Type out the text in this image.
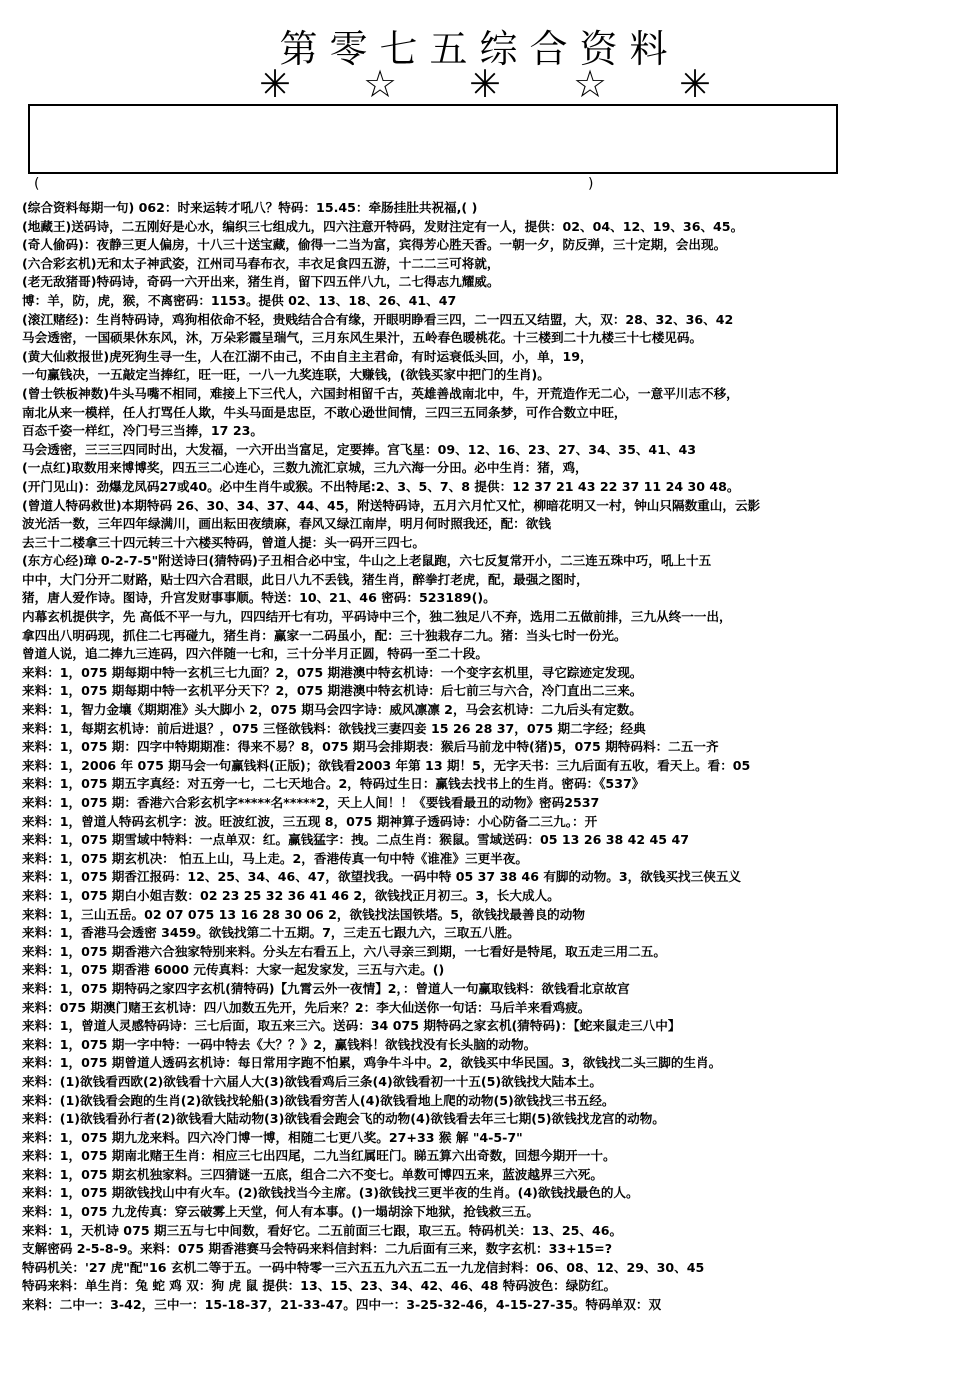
第零七五综合资料
✳ ☆ ✳ ☆ ✳
(	)
(综合资料每期一句) 062：时来运转才吼八？特码：15.45：牵肠挂肚共祝福,( )
(地藏王)送码诗，二五刚好是心水，编织三七组成九，四六注意开特码，发财注定有一人，提供：02、04、12、19、36、45。
(奇人偷码)：夜静三更人偏房，十八三十送宝藏，偷得一二当为富，宾得芳心胜天香。一朝一夕，防反弹，三十定期，会出现。
(六合彩玄机)无和太子神武姿，江州司马春布衣，丰衣足食四五游，十二二三可将就，
(老无敌猪哥)特码诗，奇码一六开出来，猪生肖，留下四五伴八九，二七得志九耀威。
博：羊，防，虎，猴，不离密码：1153。提供 02、13、18、26、41、47
(滚江赌经)：生肖特码诗，鸡狗相依命不轻，贵贱结合合有缘，开眼明睁看三四，二一四五又结盟，大，双：28、32、36、42
马会透密，一国硕果休东风，沐，万朵彩霞呈瑞气，三月东风生果汁，五岭春色暖桃花。十三楼到二十九楼三十七楼见码。
(黄大仙救报世)虎死狗生寻一生，人在江湖不由己，不由自主主君命，有时运衰低头回，小，单，19，
一句赢钱决，一五敲定当捧红，旺一旺，一八一九奖连联，大赚钱，(欲钱买家中把门的生肖)。
(曾士铁板神数)牛头马嘴不相同，难接上下三代人，六国封相留千古，英雄善战南北中，牛，开荒造作无二心，一意平川志不移，
南北从来一模样，任人打骂任人欺，牛头马面是忠臣，不敢心逊世间情，三四三五同条梦，可作合数立中旺，
百态千姿一样红，冷门号三当捧，17 23。
马会透密，三三三四同时出，大发福，一六开出当富足，定要捧。宫飞星：09、12、16、23、27、34、35、41、43
(一点红)取数用来博博奖，四五三二心连心，三数九流汇京城，三九六海一分田。必中生肖：猪，鸡，
(开门见山)：劲爆龙凤码27或40。必中生肖牛或猴。不出特尾:2、3、5、7、8 提供：12 37 21 43 22 37 11 24 30 48。
(曾道人特码救世)本期特码 26、30、34、37、44、45，附送特码诗，五月六月忙又忙，柳暗花明又一村，钟山只隔数重山，云影
波光活一数，三年四年绿满川，画出耘田夜绩麻，春风又绿江南岸，明月何时照我还，配：欲钱
去三十二楼拿三十四元转三十六楼买特码，曾道人提：头一码开三四七。
(东方心经)璋 0-2-7-5"附送诗曰(猜特码)子丑相合必中宝，牛山之上老鼠跑，六七反复常开小，二三连五珠中巧，吼上十五
中中，大门分开二财路，贴士四六合君眼，此日八九不丢钱，猪生肖，醉拳打老虎，配，最强之图时，
猪，唐人爱作诗。图诗，升宫发财事事顺。特送：10、21、46 密码：523189()。
内幕玄机提供字，先 高低不平一与九，四四结开七有功，平码诗中三个，独二独足八不弃，选用二五做前排，三九从终一一出，
拿四出八明码现，抓住二七再碰九，猪生肖：赢家一二码虽小，配：三十独栽存二九。猪：当头七时一份光。
曾道人说，追二捧九三连码，四六伴随一七和，三十分半月正圆，特码一至二十段。
来料：1，075 期每期中特一玄机三七九面？2，075 期港澳中特玄机诗：一个变字玄机里，寻它踪迹定发现。
来料：1，075 期每期中特一玄机平分天下？2，075 期港澳中特玄机诗：后七前三与六合，冷门直出二三来。
来料：1，智力金壤《期期准》头大脚小 2，075 期马会四字诗：威风凛凛 2，马会玄机诗：二九后头有定数。
来料：1，每期玄机诗：前后进退？，075 三怪欲钱料：欲钱找三妻四妾 15 26 28 37，075 期二字经；经典
来料：1，075 期：四字中特期期准：得来不易？8，075 期马会排期表：猴后马前龙中特(猪)5，075 期特码料：二五一齐
来料：1，2006 年 075 期马会一句赢钱料(正版)；欲钱看2003 年第 13 期！5，无字天书：三九后面有五收，看天上。看：05
来料：1，075 期五字真经：对五旁一七，二七天地合。2，特码过生日：赢钱去找书上的生肖。密码：《537》
来料：1，075 期：香港六合彩玄机字*****名*****2，天上人间！！《要钱看最丑的动物》密码2537
来料：1，曾道人特码玄机字：波。旺波红波，三五现 8，075 期神算子透码诗：小心防备二三九。：开
来料：1，075 期雪域中特料：一点单双：红。赢钱猛字：拽。二点生肖：猴鼠。雪域送码：05 13 26 38 42 45 47
来料：1，075 期玄机决： 怕五上山，马上走。2，香港传真一句中特《谁准》三更半夜。
来料：1，075 期香江报码：12、25、34、46、47，欲望找我。一码中特 05 37 38 46 有脚的动物。3，欲钱买找三侠五义
来料：1，075 期白小姐吉数：02 23 25 32 36 41 46 2，欲钱找正月初三。3，长大成人。
来料：1，三山五岳。02 07 075 13 16 28 30 06 2，欲钱找法国铁塔。5，欲钱找最善良的动物
来料：1，香港马会透密 3459。欲钱找第二十五期。7，三走五七跟九六，三取五八胜。
来料：1，075 期香港六合独家特别来料。分头左右看五上，六八寻亲三到期，一七看好是特尾，取五走三用二五。
来料：1，075 期香港 6000 元传真料：大家一起发家发，三五与六走。()
来料：1，075 期特码之家四字玄机(猜特码)【九霄云外一夜情】2，：曾道人一句赢取钱料：欲钱看北京故宫
来料：075 期澳门赌王玄机诗：四八加数五先开，先后来？2：李大仙送你一句话：马后羊来看鸡疲。
来料：1，曾道人灵感特码诗：三七后面，取五来三六。送码：34 075 期特码之家玄机(猜特码)：【蛇来鼠走三八中】
来料：1，075 期一字中特：一码中特去《大？？》2，赢钱料！欲钱找没有长头脑的动物。
来料：1，075 期曾道人透码玄机诗：每日常用字跑不怕累，鸡争牛斗中。2，欲钱买中华民国。3，欲钱找二头三脚的生肖。
来料：(1)欲钱看西欧(2)欲钱看十六届人大(3)欲钱看鸡后三条(4)欲钱看初一十五(5)欲钱找大陆本土。
来料：(1)欲钱看会跑的生肖(2)欲钱找轮船(3)欲钱看穷苦人(4)欲钱看地上爬的动物(5)欲钱找三书五经。
来料：(1)欲钱看孙行者(2)欲钱看大陆动物(3)欲钱看会跑会飞的动物(4)欲钱看去年三七期(5)欲钱找龙宫的动物。
来料：1，075 期九龙来料。四六冷门博一博，相随二七更八奖。27+33 猴 解 "4-5-7"
来料：1，075 期南北赌王生肖：相应三七出四尾，二九当红属旺门。睇五算六出奇数，回想今期开一十。
来料：1，075 期玄机独家料。三四猜谜一五底，组合二六不变七。单数可博四五来，蓝波越界三六死。
来料：1，075 期欲钱找山中有火车。(2)欲钱找当今主席。(3)欲钱找三更半夜的生肖。(4)欲钱找最色的人。
来料：1，075 九龙传真：穿云破雾上天堂，何人有本事。()一塌胡涂下地狱，抢钱救三五。
来料：1，天机诗 075 期三五与七中间数，看好它。二五前面三七跟，取三五。特码机关：13、25、46。
支解密码 2-5-8-9。来料：075 期香港赛马会特码来料信封料：二九后面有三来，数字玄机：33+15=?
特码机关：'27 虎"配"16 玄机二等于五。一码中特零一三六五五九六五二五一九龙信封料：06、08、12、29、30、45
特码来料：单生肖：兔 蛇 鸡 双：狗 虎 鼠 提供：13、15、23、34、42、46、48 特码波色：绿防红。
来料：二中一：3-42，三中一：15-18-37，21-33-47。四中一：3-25-32-46，4-15-27-35。特码单双：双
